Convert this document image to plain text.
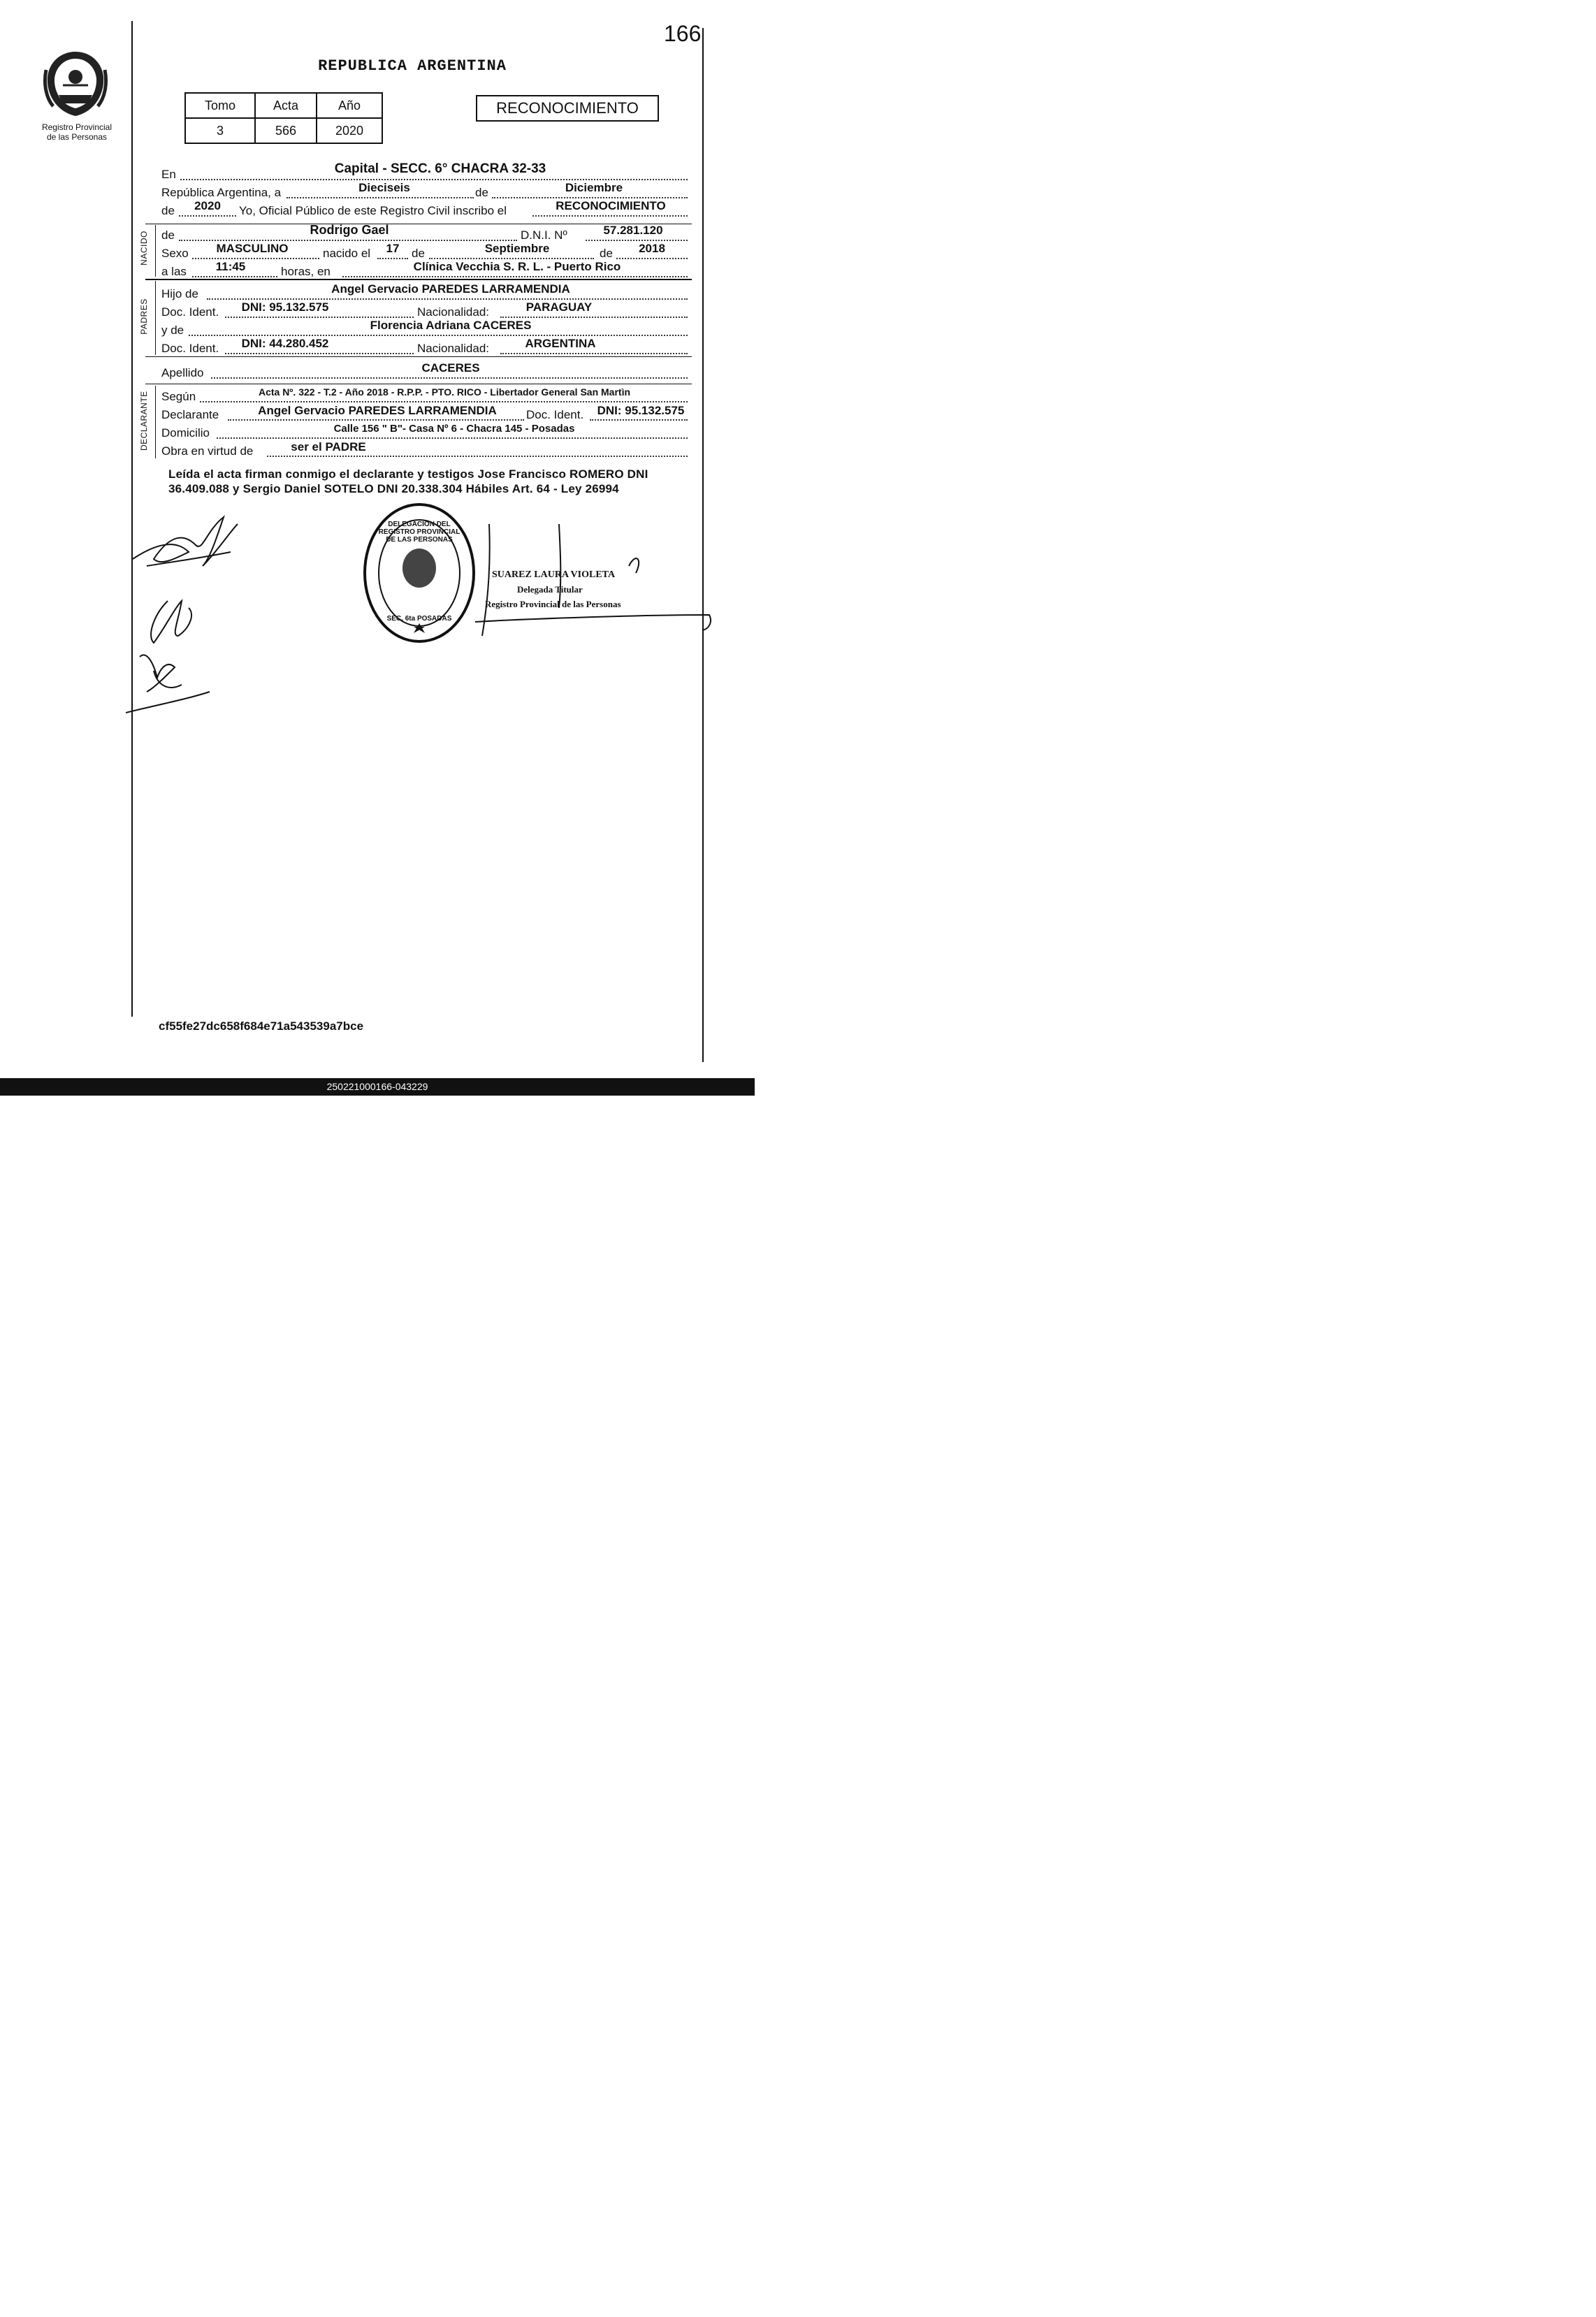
166
Registro Provincial
de las Personas
REPUBLICA ARGENTINA
Tomo	Acta	Año
3	566	2020
RECONOCIMIENTO
En	Capital - SECC. 6° CHACRA 32-33
República Argentina, a	Dieciseis	de	Diciembre
de	2020	Yo, Oficial Público de este Registro Civil inscribo el	RECONOCIMIENTO
NACIDO de	Rodrigo Gael	D.N.I. Nº	57.281.120
Sexo	MASCULINO	nacido el	17	de	Septiembre	de	2018
a las	11:45	horas, en	Clínica Vecchia S. R. L. - Puerto Rico
PADRES
Hijo de	Angel Gervacio PAREDES LARRAMENDIA
Doc. Ident.	DNI: 95.132.575	Nacionalidad:	PARAGUAY
y de	Florencia Adriana CACERES
Doc. Ident.	DNI: 44.280.452	Nacionalidad:	ARGENTINA
Apellido	CACERES
DECLARANTE Según	Acta Nº. 322 - T.2 - Año 2018 - R.P.P. - PTO. RICO - Libertador General San Martìn
Declarante	Angel Gervacio PAREDES LARRAMENDIA	Doc. Ident.	DNI: 95.132.575
Domicilio	Calle 156 " B"- Casa Nº 6 - Chacra 145 - Posadas
Obra en virtud de	ser el PADRE
Leída el acta firman conmigo el declarante y testigos Jose Francisco ROMERO DNI 36.409.088 y Sergio Daniel SOTELO DNI 20.338.304 Hábiles Art. 64 - Ley 26994
DELEGACION DEL REGISTRO PROVINCIAL DE LAS PERSONAS
SEC. 6ta POSADAS
SUAREZ LAURA VIOLETA
Delegada Titular
Registro Provincial de las Personas
cf55fe27dc658f684e71a543539a7bce
250221000166-043229
